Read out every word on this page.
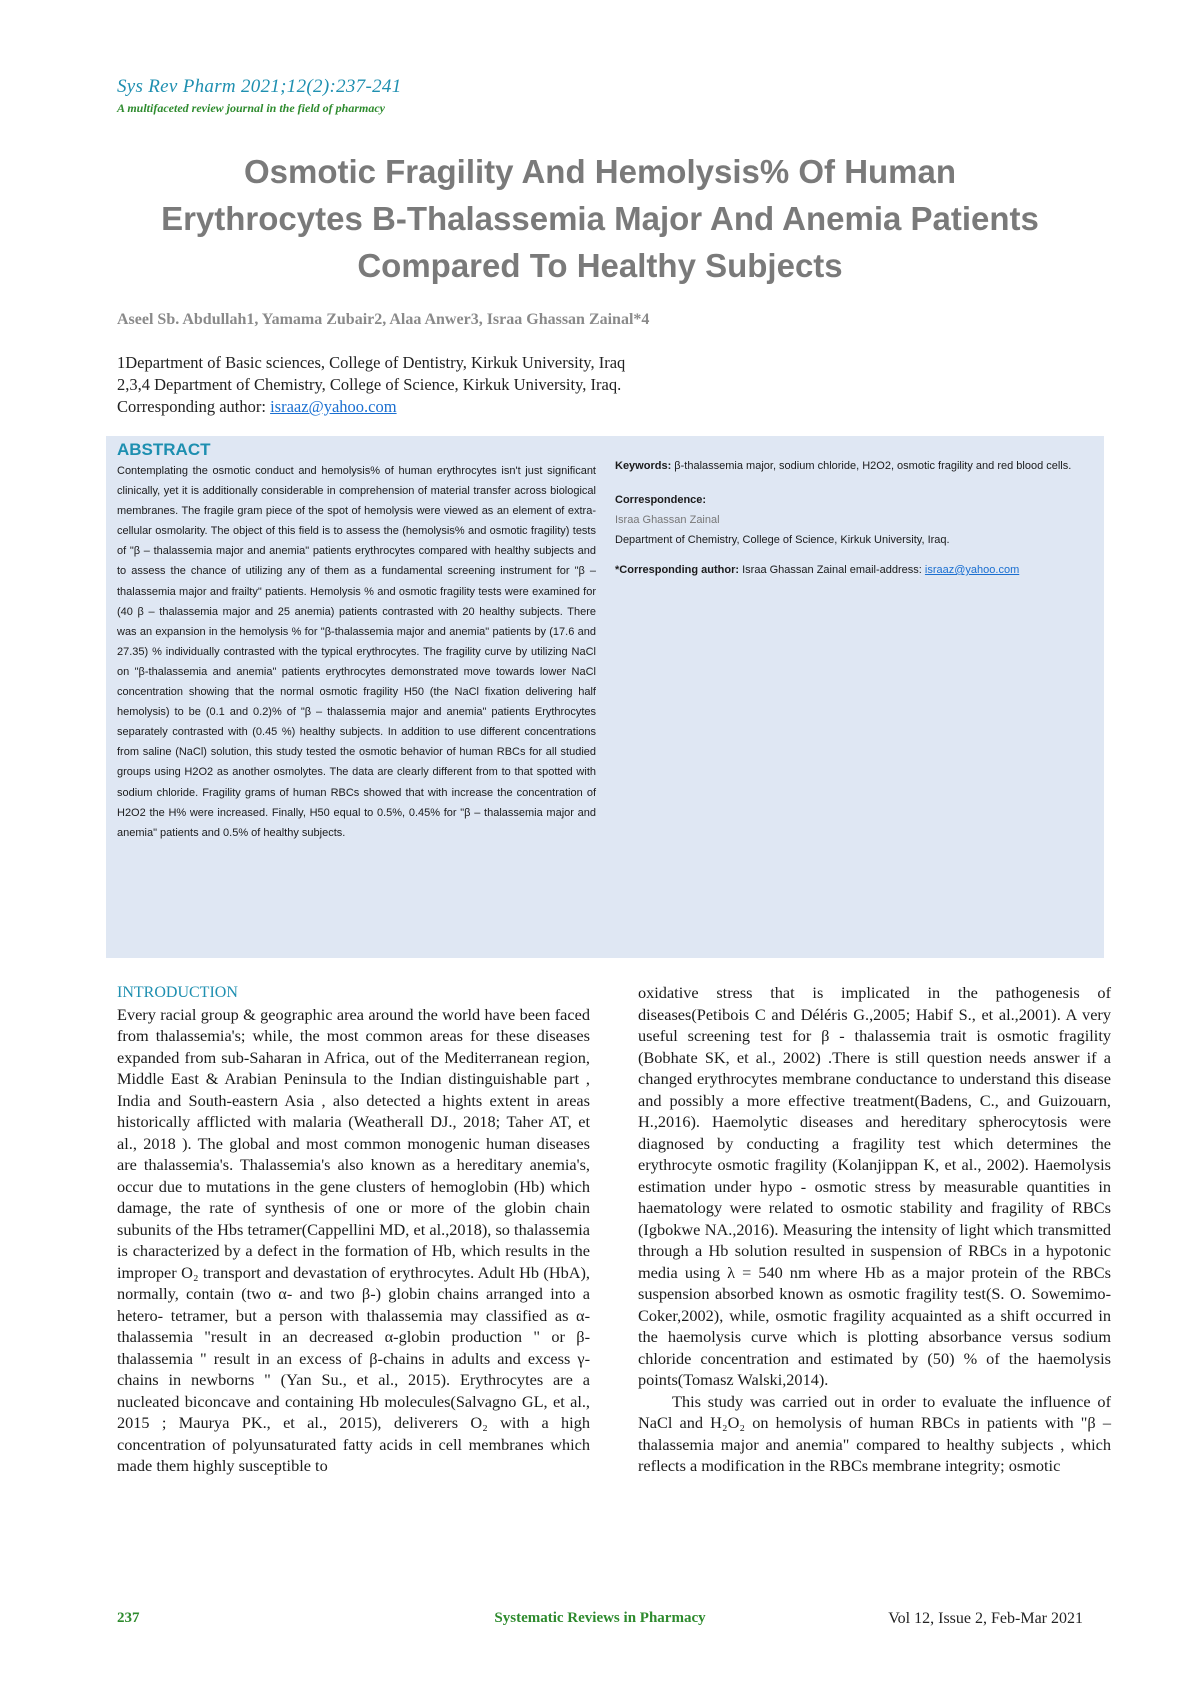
Sys Rev Pharm 2021;12(2):237-241
A multifaceted review journal in the field of pharmacy
Osmotic Fragility And Hemolysis% Of Human
Erythrocytes Β-Thalassemia Major And Anemia Patients
Compared To Healthy Subjects
Aseel Sb. Abdullah1, Yamama Zubair2, Alaa Anwer3, Israa Ghassan Zainal*4
1Department of Basic sciences, College of Dentistry, Kirkuk University, Iraq
2,3,4 Department of Chemistry, College of Science, Kirkuk University, Iraq.
Corresponding author: israaz@yahoo.com
ABSTRACT
Contemplating the osmotic conduct and hemolysis% of human erythrocytes isn't just significant clinically, yet it is additionally considerable in comprehension of material transfer across biological membranes. The fragile gram piece of the spot of hemolysis were viewed as an element of extra-cellular osmolarity. The object of this field is to assess the (hemolysis% and osmotic fragility) tests of "β – thalassemia major and anemia" patients erythrocytes compared with healthy subjects and to assess the chance of utilizing any of them as a fundamental screening instrument for "β – thalassemia major and frailty" patients. Hemolysis % and osmotic fragility tests were examined for (40 β – thalassemia major and 25 anemia) patients contrasted with 20 healthy subjects. There was an expansion in the hemolysis % for "β-thalassemia major and anemia" patients by (17.6 and 27.35) % individually contrasted with the typical erythrocytes. The fragility curve by utilizing NaCl on "β-thalassemia and anemia" patients erythrocytes demonstrated move towards lower NaCl concentration showing that the normal osmotic fragility H50 (the NaCl fixation delivering half hemolysis) to be (0.1 and 0.2)% of "β – thalassemia major and anemia" patients Erythrocytes separately contrasted with (0.45 %) healthy subjects. In addition to use different concentrations from saline (NaCl) solution, this study tested the osmotic behavior of human RBCs for all studied groups using H2O2 as another osmolytes. The data are clearly different from to that spotted with sodium chloride. Fragility grams of human RBCs showed that with increase the concentration of H2O2 the H% were increased. Finally, H50 equal to 0.5%, 0.45% for "β – thalassemia major and anemia" patients and 0.5% of healthy subjects.
Keywords: β-thalassemia major, sodium chloride, H2O2, osmotic fragility and red blood cells.
Correspondence:
Israa Ghassan Zainal
Department of Chemistry, College of Science, Kirkuk University, Iraq.
*Corresponding author: Israa Ghassan Zainal email-address: israaz@yahoo.com
INTRODUCTION

Every racial group & geographic area around the world have been faced from thalassemia's; while, the most common areas for these diseases expanded from sub-Saharan in Africa, out of the Mediterranean region, Middle East & Arabian Peninsula to the Indian distinguishable part , India and South-eastern Asia , also detected a hights extent in areas historically afflicted with malaria (Weatherall DJ., 2018; Taher AT, et al., 2018 ). The global and most common monogenic human diseases are thalassemia's. Thalassemia's also known as a hereditary anemia's, occur due to mutations in the gene clusters of hemoglobin (Hb) which damage, the rate of synthesis of one or more of the globin chain subunits of the Hbs tetramer(Cappellini MD, et al.,2018), so thalassemia is characterized by a defect in the formation of Hb, which results in the improper O₂ transport and devastation of erythrocytes. Adult Hb (HbA), normally, contain (two α- and two β-) globin chains arranged into a hetero- tetramer, but a person with thalassemia may classified as α- thalassemia "result in an decreased α-globin production " or β- thalassemia " result in an excess of β-chains in adults and excess γ-chains in newborns " (Yan Su., et al., 2015). Erythrocytes are a nucleated biconcave and containing Hb molecules(Salvagno GL, et al., 2015 ; Maurya PK., et al., 2015), deliverers O₂ with a high concentration of polyunsaturated fatty acids in cell membranes which made them highly susceptible to

oxidative stress that is implicated in the pathogenesis of diseases(Petibois C and Déléris G.,2005; Habif S., et al.,2001). A very useful screening test for β - thalassemia trait is osmotic fragility (Bobhate SK, et al., 2002) .There is still question needs answer if a changed erythrocytes membrane conductance to understand this disease and possibly a more effective treatment(Badens, C., and Guizouarn, H.,2016). Haemolytic diseases and hereditary spherocytosis were diagnosed by conducting a fragility test which determines the erythrocyte osmotic fragility (Kolanjippan K, et al., 2002). Haemolysis estimation under hypo - osmotic stress by measurable quantities in haematology were related to osmotic stability and fragility of RBCs (Igbokwe NA.,2016). Measuring the intensity of light which transmitted through a Hb solution resulted in suspension of RBCs in a hypotonic media using λ = 540 nm where Hb as a major protein of the RBCs suspension absorbed known as osmotic fragility test(S. O. Sowemimo-Coker,2002), while, osmotic fragility acquainted as a shift occurred in the haemolysis curve which is plotting absorbance versus sodium chloride concentration and estimated by (50) % of the haemolysis points(Tomasz Walski,2014).

This study was carried out in order to evaluate the influence of NaCl and H₂O₂ on hemolysis of human RBCs in patients with "β – thalassemia major and anemia" compared to healthy subjects , which reflects a modification in the RBCs membrane integrity; osmotic

237	Systematic Reviews in Pharmacy	Vol 12, Issue 2, Feb-Mar 2021
